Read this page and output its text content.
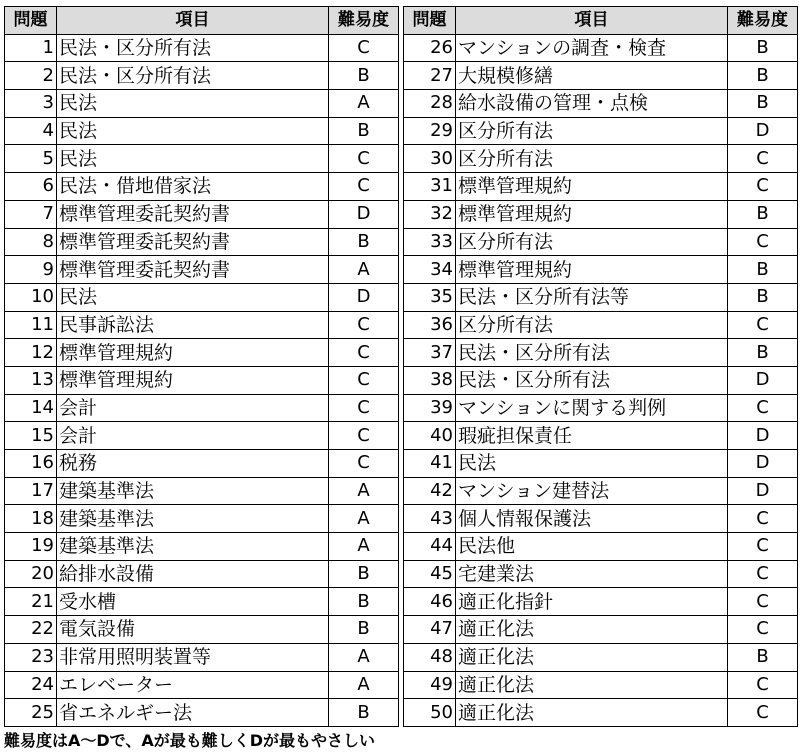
問題	項目	難易度
1	民法・区分所有法	C
2	民法・区分所有法	B
3	民法	A
4	民法	B
5	民法	C
6	民法・借地借家法	C
7	標準管理委託契約書	D
8	標準管理委託契約書	B
9	標準管理委託契約書	A
10	民法	D
11	民事訴訟法	C
12	標準管理規約	C
13	標準管理規約	C
14	会計	C
15	会計	C
16	税務	C
17	建築基準法	A
18	建築基準法	A
19	建築基準法	A
20	給排水設備	B
21	受水槽	B
22	電気設備	B
23	非常用照明装置等	A
24	エレベーター	A
25	省エネルギー法	B
問題	項目	難易度
26	マンションの調査・検査	B
27	大規模修繕	B
28	給水設備の管理・点検	B
29	区分所有法	D
30	区分所有法	C
31	標準管理規約	C
32	標準管理規約	B
33	区分所有法	C
34	標準管理規約	B
35	民法・区分所有法等	B
36	区分所有法	C
37	民法・区分所有法	B
38	民法・区分所有法	D
39	マンションに関する判例	C
40	瑕疵担保責任	D
41	民法	D
42	マンション建替法	D
43	個人情報保護法	C
44	民法他	C
45	宅建業法	C
46	適正化指針	C
47	適正化法	C
48	適正化法	B
49	適正化法	C
50	適正化法	C
難易度はA～Dで、Aが最も難しくDが最もやさしい
